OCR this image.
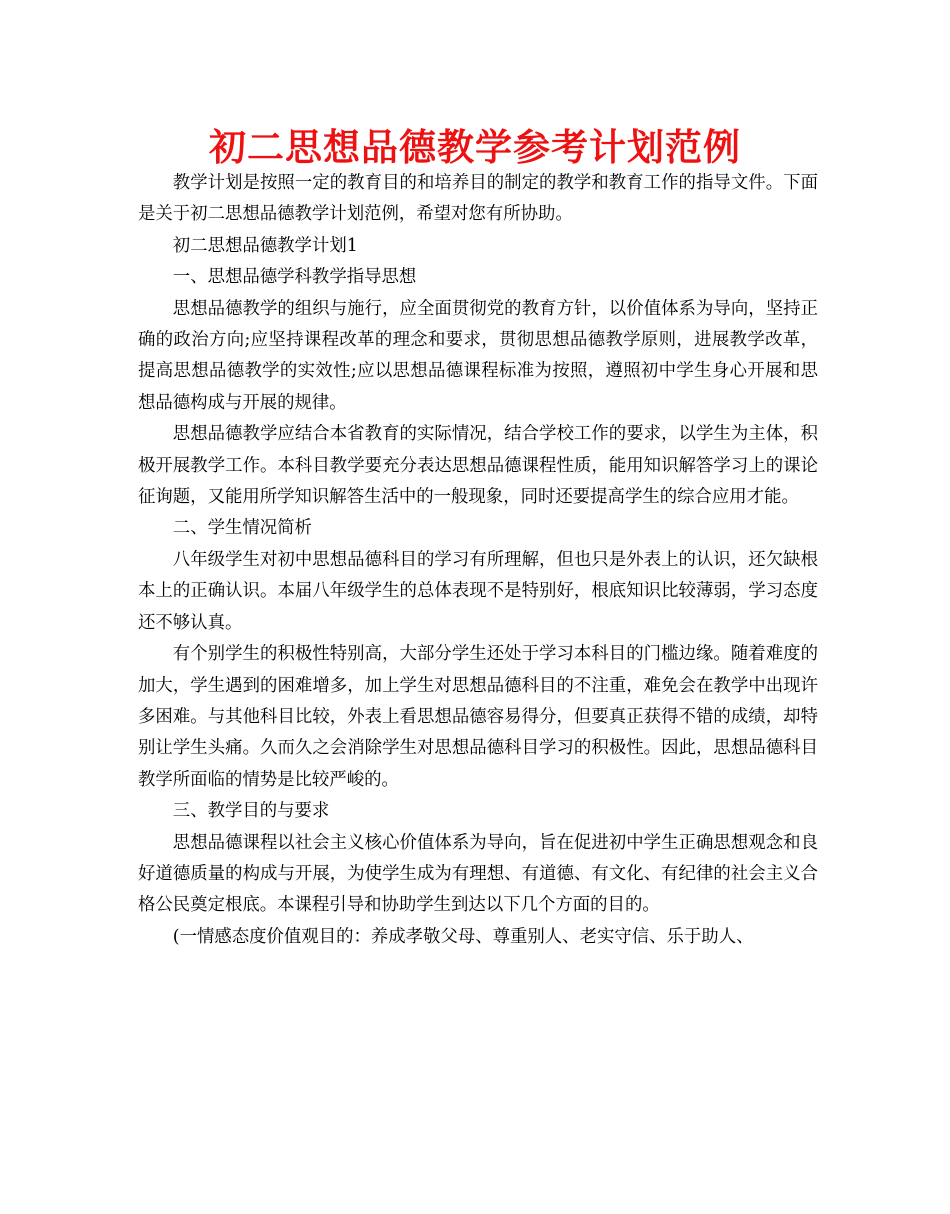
初二思想品德教学参考计划范例

教学计划是按照一定的教育目的和培养目的制定的教学和教育工作的指导文件。下面是关于初二思想品德教学计划范例，希望对您有所协助。

初二思想品德教学计划1

一、思想品德学科教学指导思想

思想品德教学的组织与施行，应全面贯彻党的教育方针，以价值体系为导向，坚持正确的政治方向;应坚持课程改革的理念和要求，贯彻思想品德教学原则，进展教学改革，提高思想品德教学的实效性;应以思想品德课程标准为按照，遵照初中学生身心开展和思想品德构成与开展的规律。

思想品德教学应结合本省教育的实际情况，结合学校工作的要求，以学生为主体，积极开展教学工作。本科目教学要充分表达思想品德课程性质，能用知识解答学习上的课论征询题，又能用所学知识解答生活中的一般现象，同时还要提高学生的综合应用才能。

二、学生情况简析

八年级学生对初中思想品德科目的学习有所理解，但也只是外表上的认识，还欠缺根本上的正确认识。本届八年级学生的总体表现不是特别好，根底知识比较薄弱，学习态度还不够认真。

有个别学生的积极性特别高，大部分学生还处于学习本科目的门槛边缘。随着难度的加大，学生遇到的困难增多，加上学生对思想品德科目的不注重，难免会在教学中出现许多困难。与其他科目比较，外表上看思想品德容易得分，但要真正获得不错的成绩，却特别让学生头痛。久而久之会消除学生对思想品德科目学习的积极性。因此，思想品德科目教学所面临的情势是比较严峻的。

三、教学目的与要求

思想品德课程以社会主义核心价值体系为导向，旨在促进初中学生正确思想观念和良好道德质量的构成与开展，为使学生成为有理想、有道德、有文化、有纪律的社会主义合格公民奠定根底。本课程引导和协助学生到达以下几个方面的目的。

(一情感态度价值观目的：养成孝敬父母、尊重别人、老实守信、乐于助人、
